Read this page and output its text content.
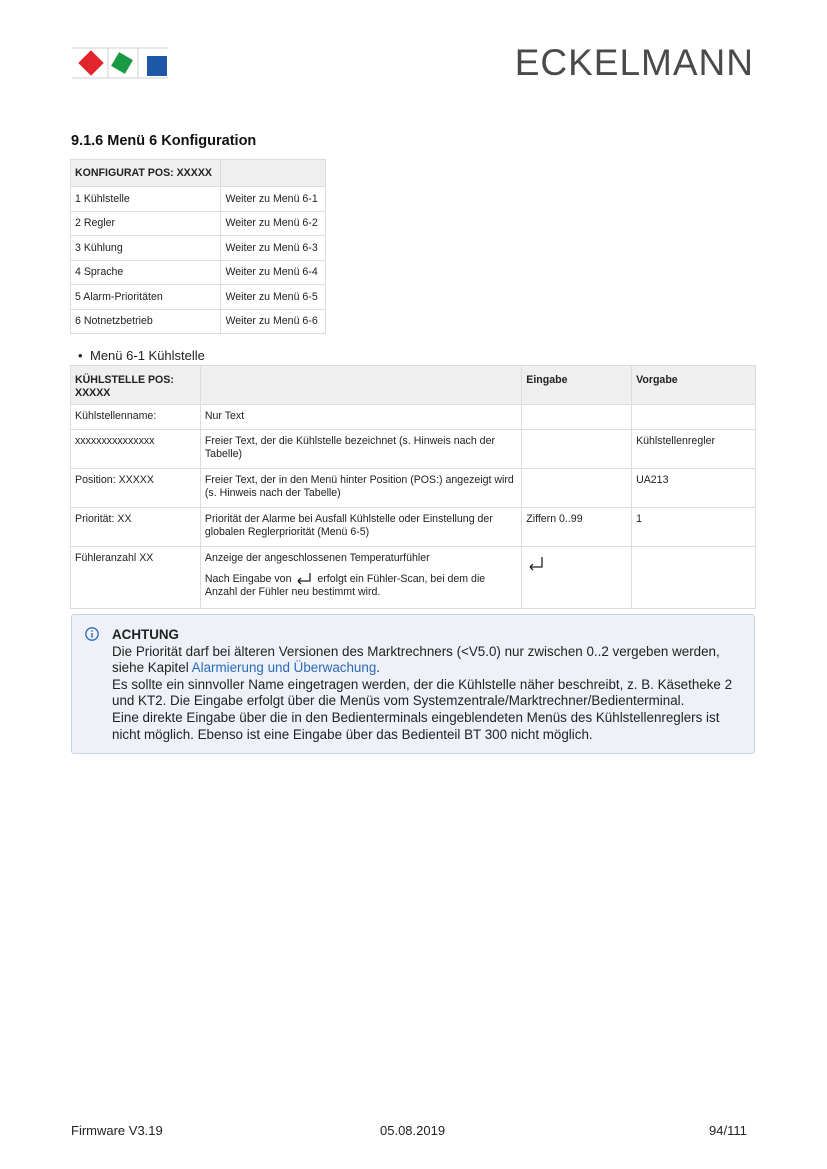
ECKELMANN
9.1.6 Menü 6 Konfiguration
KONFIGURAT POS: XXXXX	
1 Kühlstelle	Weiter zu Menü 6-1
2 Regler	Weiter zu Menü 6-2
3 Kühlung	Weiter zu Menü 6-3
4 Sprache	Weiter zu Menü 6-4
5 Alarm-Prioritäten	Weiter zu Menü 6-5
6 Notnetzbetrieb	Weiter zu Menü 6-6
• Menü 6-1 Kühlstelle
KÜHLSTELLE POS: XXXXX		Eingabe	Vorgabe
Kühlstellenname:	Nur Text		
xxxxxxxxxxxxxxx	Freier Text, der die Kühlstelle bezeichnet (s. Hinweis nach der Tabelle)		Kühlstellenregler
Position: XXXXX	Freier Text, der in den Menü hinter Position (POS:) angezeigt wird (s. Hinweis nach der Tabelle)		UA213
Priorität: XX	Priorität der Alarme bei Ausfall Kühlstelle oder Einstellung der globalen Reglerpriorität (Menü 6-5)	Ziffern 0..99	1
Fühleranzahl XX	Anzeige der angeschlossenen Temperaturfühler
Nach Eingabe von erfolgt ein Fühler-Scan, bei dem die Anzahl der Fühler neu bestimmt wird.

ACHTUNG
Die Priorität darf bei älteren Versionen des Marktrechners (<V5.0) nur zwischen 0..2 vergeben werden, siehe Kapitel Alarmierung und Überwachung.
Es sollte ein sinnvoller Name eingetragen werden, der die Kühlstelle näher beschreibt, z. B. Käsetheke 2 und KT2. Die Eingabe erfolgt über die Menüs vom Systemzentrale/Marktrechner/Bedienterminal.
Eine direkte Eingabe über die in den Bedienterminals eingeblendeten Menüs des Kühlstellenreglers ist nicht möglich. Ebenso ist eine Eingabe über das Bedienteil BT 300 nicht möglich.
Firmware V3.19	05.08.2019	94/111
